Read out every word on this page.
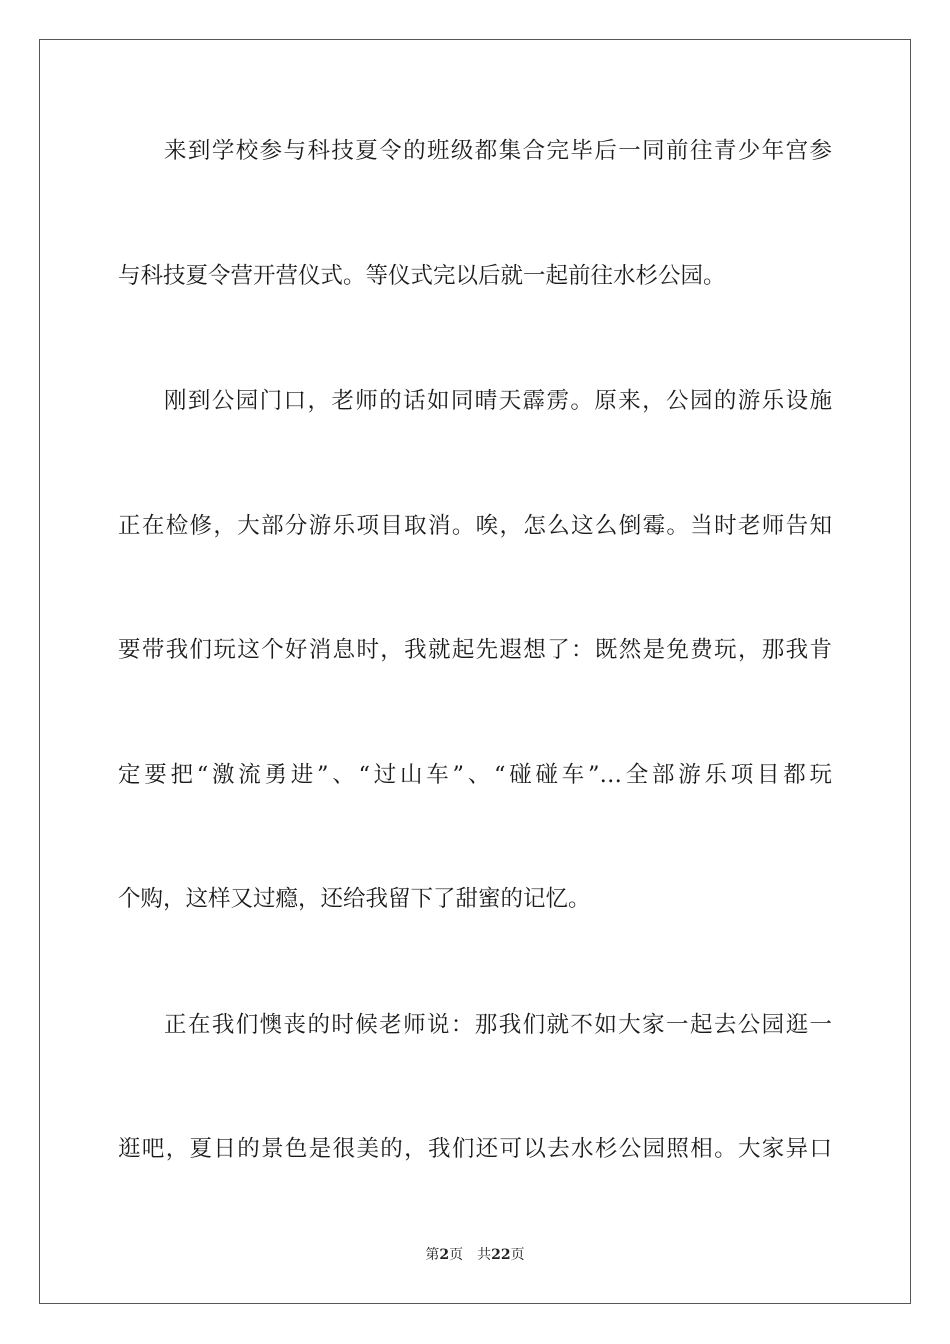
来到学校参与科技夏令的班级都集合完毕后一同前往青少年宫参
与科技夏令营开营仪式。等仪式完以后就一起前往水杉公园。
刚到公园门口，老师的话如同晴天霹雳。原来，公园的游乐设施
正在检修，大部分游乐项目取消。唉，怎么这么倒霉。当时老师告知
要带我们玩这个好消息时，我就起先遐想了：既然是免费玩，那我肯
定要把“激流勇进”、“过山车”、“碰碰车”…全部游乐项目都玩
个购，这样又过瘾，还给我留下了甜蜜的记忆。
正在我们懊丧的时候老师说：那我们就不如大家一起去公园逛一
逛吧，夏日的景色是很美的，我们还可以去水杉公园照相。大家异口
第2页 共22页
